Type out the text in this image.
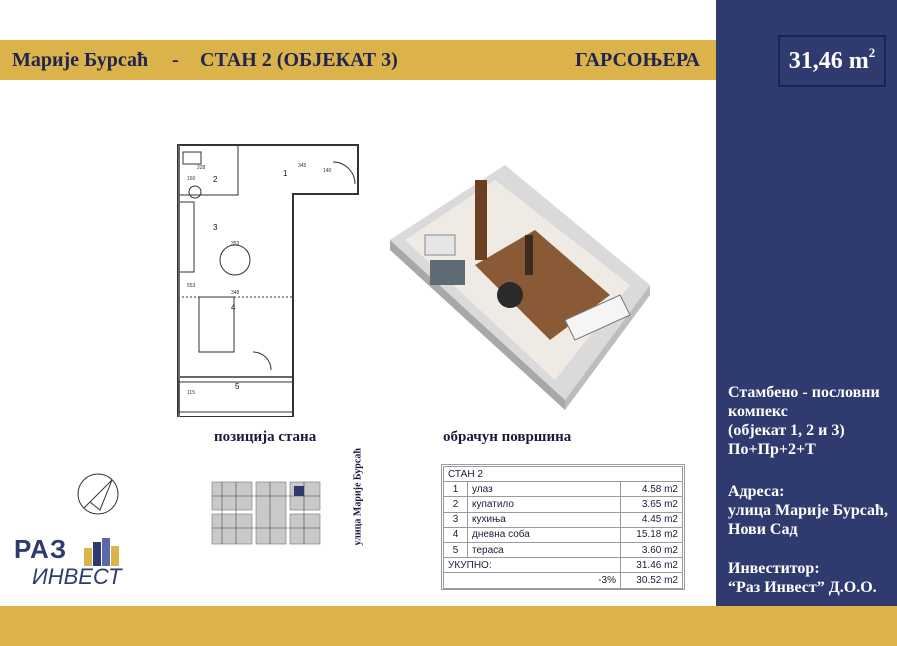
Марије Бурсаћ - СТАН 2 (ОБЈЕКАТ 3)	ГАРСОЊЕРА	31,46 $m^2$
Стамбено - пословни
компекс
(објекат 1, 2 и 3)
По+Пр+2+Т
Адреса:
улица Марије Бурсаћ,
Нови Сад
Инвеститор:
“Раз Инвест” Д.О.О.
1
2
3
4
5
228	345
353
348
553
115
160
140
позиција стана	обрачун површина
улица Марије Бурсаћ
РАЗ
ИНВЕСТ
СТАН 2		
1	улаз	4.58 m2
2	купатило	3.65 m2
3	кухиња	4.45 m2
4	дневна соба	15.18 m2
5	тераса	3.60 m2
УКУПНО:		31.46 m2
-3%		30.52 m2
